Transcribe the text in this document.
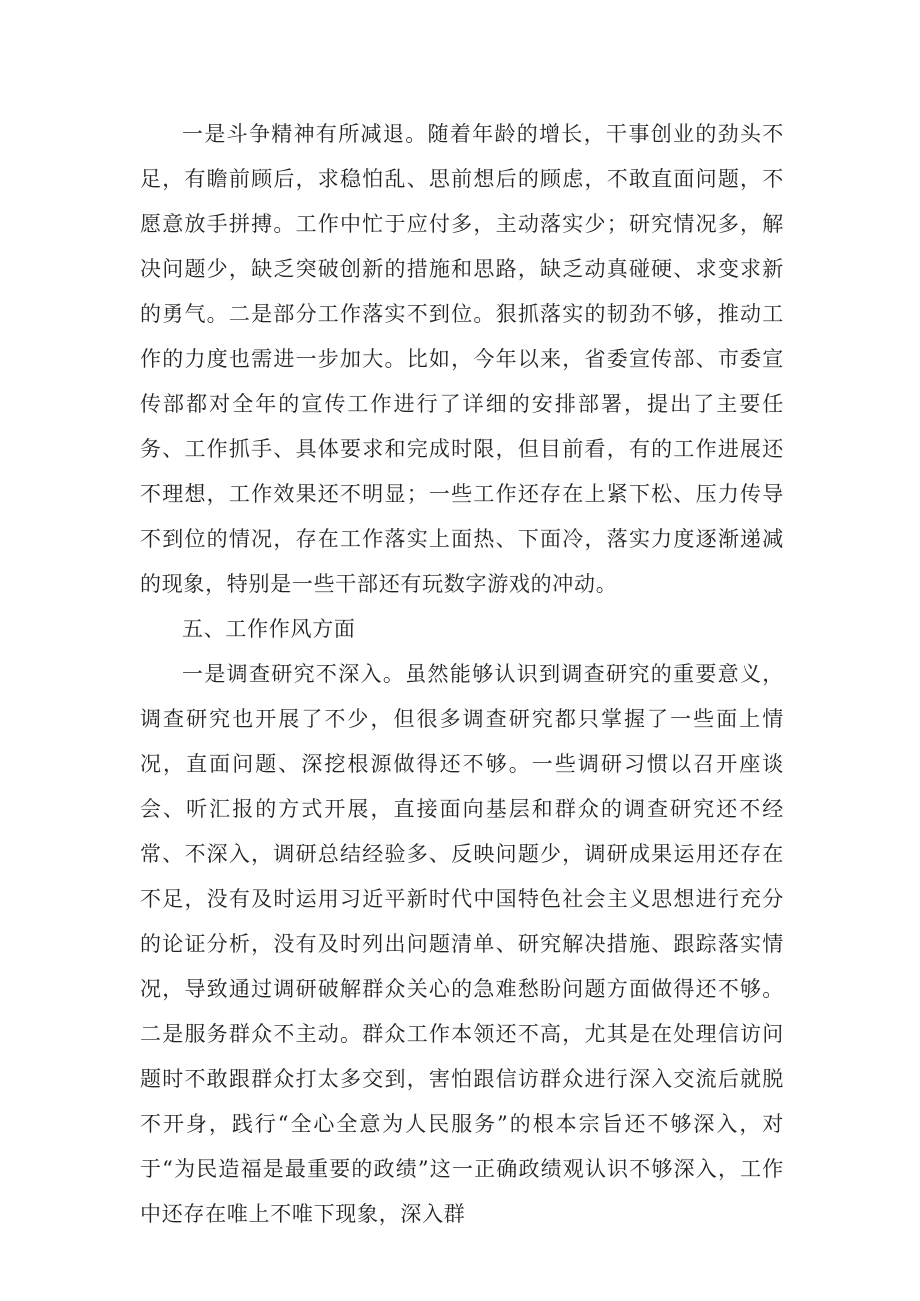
一是斗争精神有所减退。随着年龄的增长，干事创业的劲头不足，有瞻前顾后，求稳怕乱、思前想后的顾虑，不敢直面问题，不愿意放手拼搏。工作中忙于应付多，主动落实少；研究情况多，解决问题少，缺乏突破创新的措施和思路，缺乏动真碰硬、求变求新的勇气。二是部分工作落实不到位。狠抓落实的韧劲不够，推动工作的力度也需进一步加大。比如，今年以来，省委宣传部、市委宣传部都对全年的宣传工作进行了详细的安排部署，提出了主要任务、工作抓手、具体要求和完成时限，但目前看，有的工作进展还不理想，工作效果还不明显；一些工作还存在上紧下松、压力传导不到位的情况，存在工作落实上面热、下面冷，落实力度逐渐递减的现象，特别是一些干部还有玩数字游戏的冲动。

五、工作作风方面

一是调查研究不深入。虽然能够认识到调查研究的重要意义，调查研究也开展了不少，但很多调查研究都只掌握了一些面上情况，直面问题、深挖根源做得还不够。一些调研习惯以召开座谈会、听汇报的方式开展，直接面向基层和群众的调查研究还不经常、不深入，调研总结经验多、反映问题少，调研成果运用还存在不足，没有及时运用习近平新时代中国特色社会主义思想进行充分的论证分析，没有及时列出问题清单、研究解决措施、跟踪落实情况，导致通过调研破解群众关心的急难愁盼问题方面做得还不够。二是服务群众不主动。群众工作本领还不高，尤其是在处理信访问题时不敢跟群众打太多交到，害怕跟信访群众进行深入交流后就脱不开身，践行“全心全意为人民服务”的根本宗旨还不够深入，对于“为民造福是最重要的政绩”这一正确政绩观认识不够深入，工作中还存在唯上不唯下现象，深入群
